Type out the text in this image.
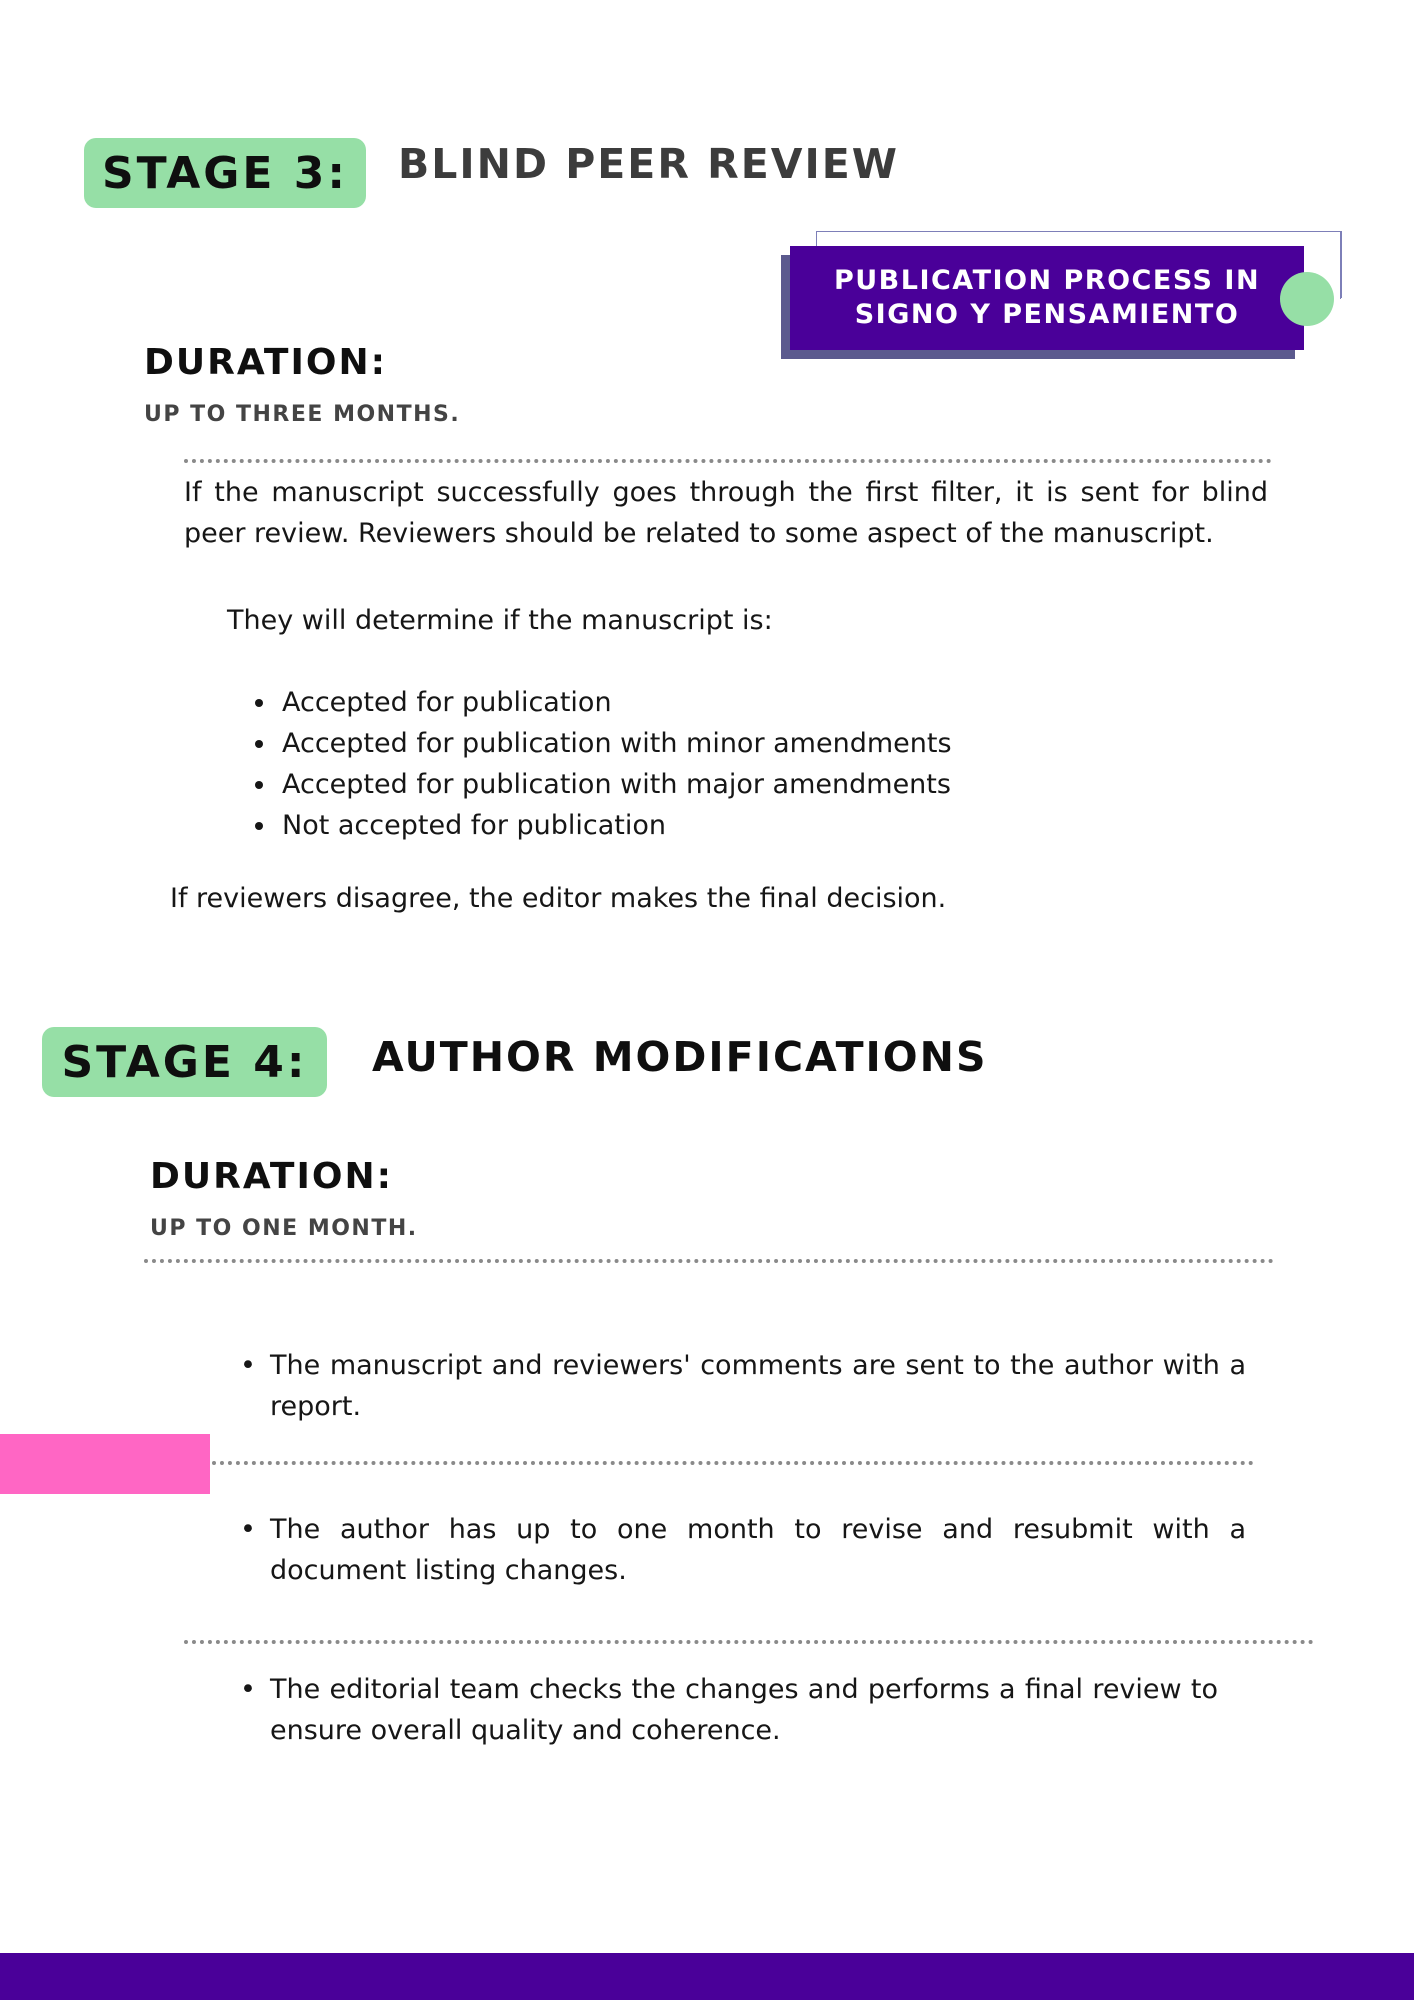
STAGE 3: BLIND PEER REVIEW
PUBLICATION PROCESS IN
SIGNO Y PENSAMIENTO
DURATION:
UP TO THREE MONTHS.
If the manuscript successfully goes through the first filter, it is sent for blind peer review. Reviewers should be related to some aspect of the manuscript.
They will determine if the manuscript is:
• Accepted for publication
• Accepted for publication with minor amendments
• Accepted for publication with major amendments
• Not accepted for publication
If reviewers disagree, the editor makes the final decision.
STAGE 4: AUTHOR MODIFICATIONS
DURATION:
UP TO ONE MONTH.
• The manuscript and reviewers' comments are sent to the author with a report.
• The author has up to one month to revise and resubmit with a document listing changes.
• The editorial team checks the changes and performs a final review to ensure overall quality and coherence.
